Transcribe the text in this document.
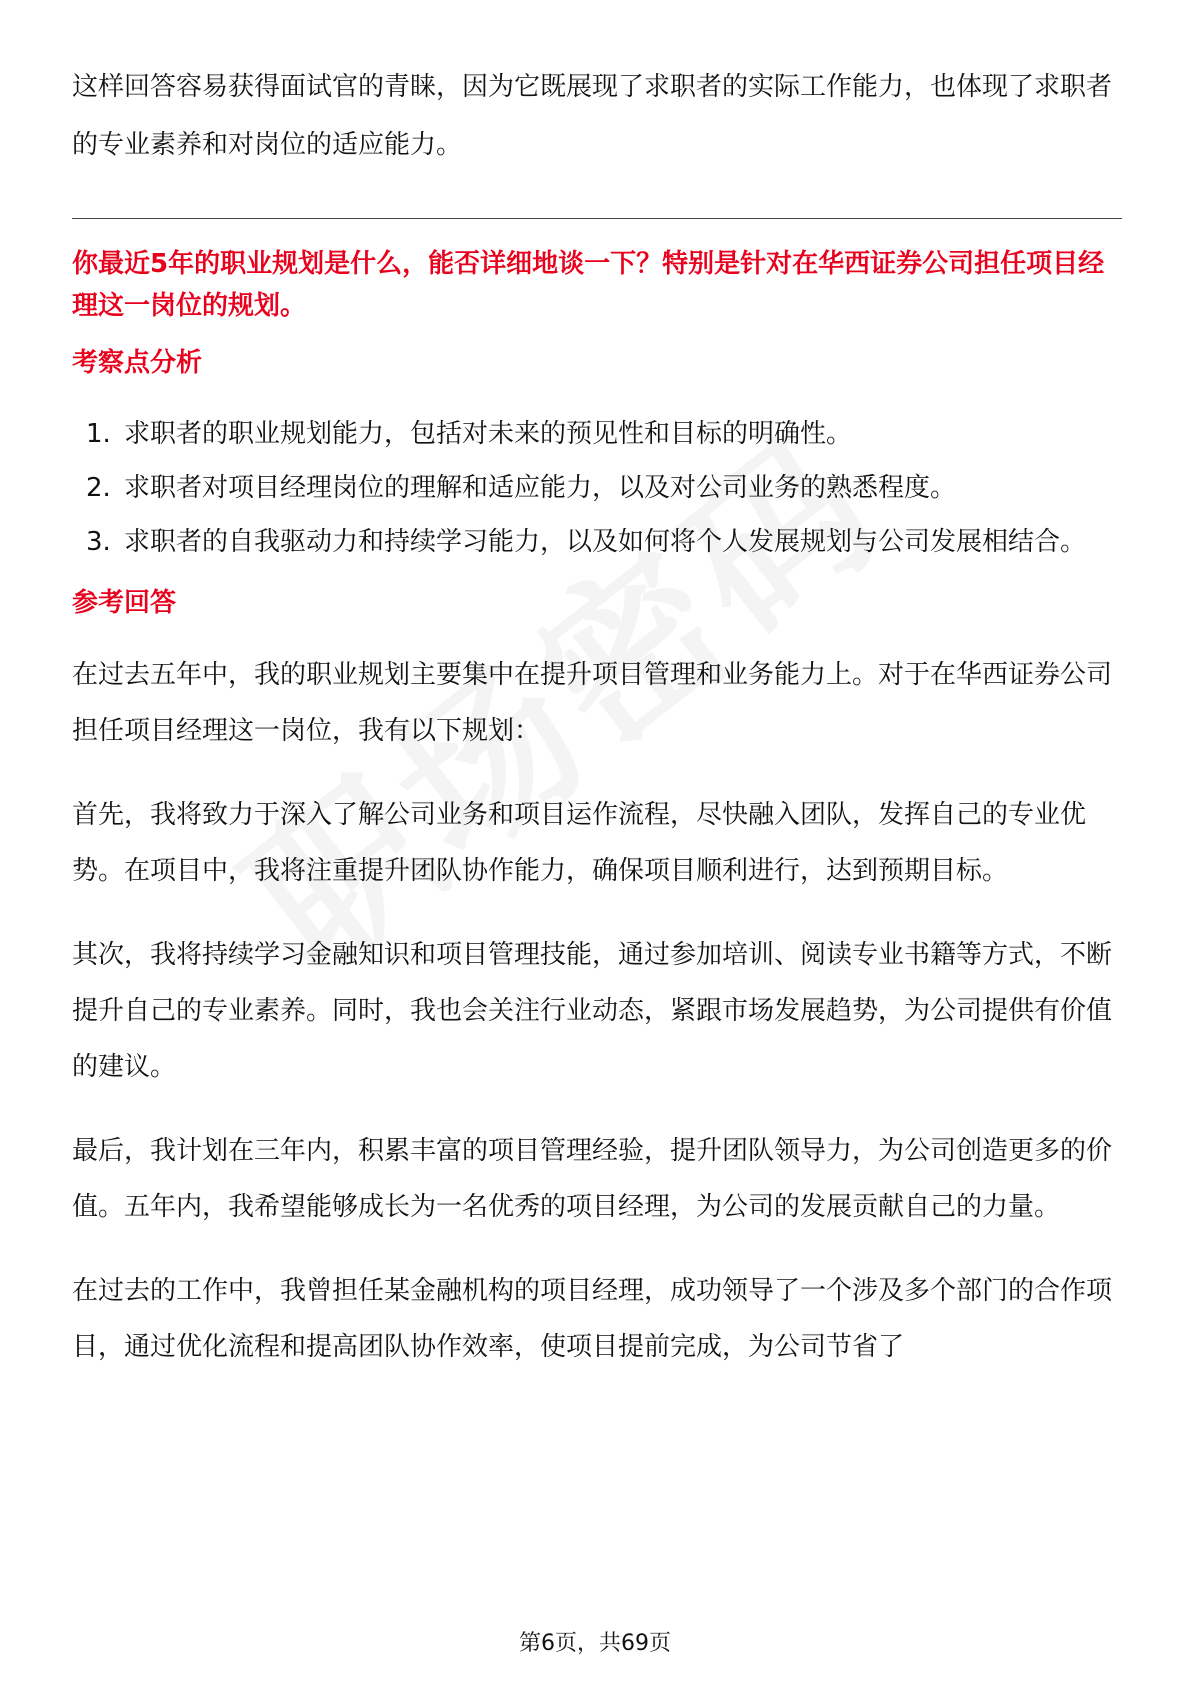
这样回答容易获得面试官的青睐，因为它既展现了求职者的实际工作能力，也体现了求职者的专业素养和对岗位的适应能力。

你最近5年的职业规划是什么，能否详细地谈一下？特别是针对在华西证券公司担任项目经理这一岗位的规划。

考察点分析
1. 求职者的职业规划能力，包括对未来的预见性和目标的明确性。
2. 求职者对项目经理岗位的理解和适应能力，以及对公司业务的熟悉程度。
3. 求职者的自我驱动力和持续学习能力，以及如何将个人发展规划与公司发展相结合。
参考回答

在过去五年中，我的职业规划主要集中在提升项目管理和业务能力上。对于在华西证券公司担任项目经理这一岗位，我有以下规划：

首先，我将致力于深入了解公司业务和项目运作流程，尽快融入团队，发挥自己的专业优势。在项目中，我将注重提升团队协作能力，确保项目顺利进行，达到预期目标。

其次，我将持续学习金融知识和项目管理技能，通过参加培训、阅读专业书籍等方式，不断提升自己的专业素养。同时，我也会关注行业动态，紧跟市场发展趋势，为公司提供有价值的建议。

最后，我计划在三年内，积累丰富的项目管理经验，提升团队领导力，为公司创造更多的价值。五年内，我希望能够成长为一名优秀的项目经理，为公司的发展贡献自己的力量。

在过去的工作中，我曾担任某金融机构的项目经理，成功领导了一个涉及多个部门的合作项目，通过优化流程和提高团队协作效率，使项目提前完成，为公司节省了

第6页，共69页
